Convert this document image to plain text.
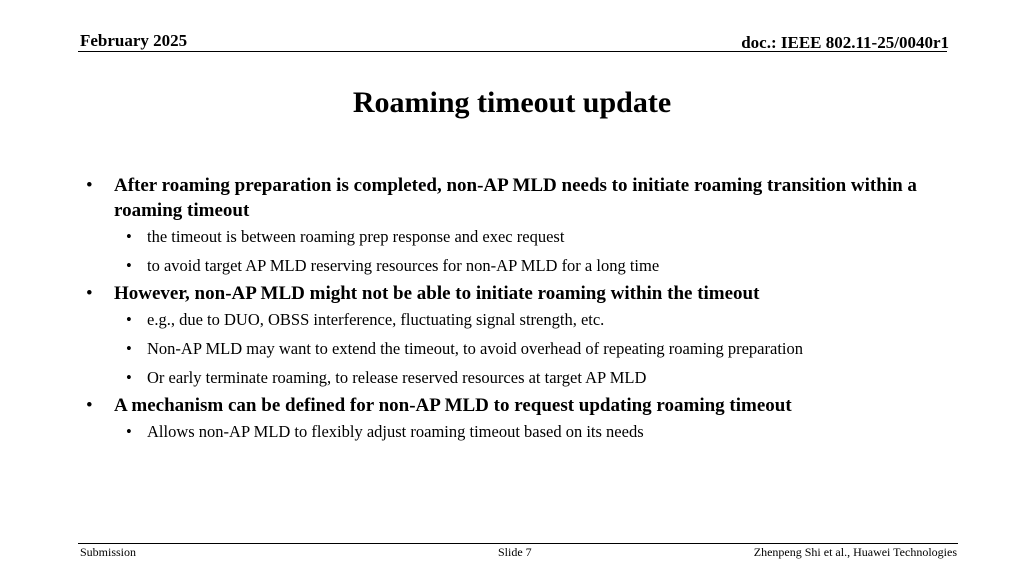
February 2025	doc.: IEEE 802.11-25/0040r1
Roaming timeout update
• After roaming preparation is completed, non-AP MLD needs to initiate roaming transition within a roaming timeout
• the timeout is between roaming prep response and exec request
• to avoid target AP MLD reserving resources for non-AP MLD for a long time
• However, non-AP MLD might not be able to initiate roaming within the timeout
• e.g., due to DUO, OBSS interference, fluctuating signal strength, etc.
• Non-AP MLD may want to extend the timeout, to avoid overhead of repeating roaming preparation
• Or early terminate roaming, to release reserved resources at target AP MLD
• A mechanism can be defined for non-AP MLD to request updating roaming timeout
• Allows non-AP MLD to flexibly adjust roaming timeout based on its needs
Submission	Slide 7	Zhenpeng Shi et al., Huawei Technologies
